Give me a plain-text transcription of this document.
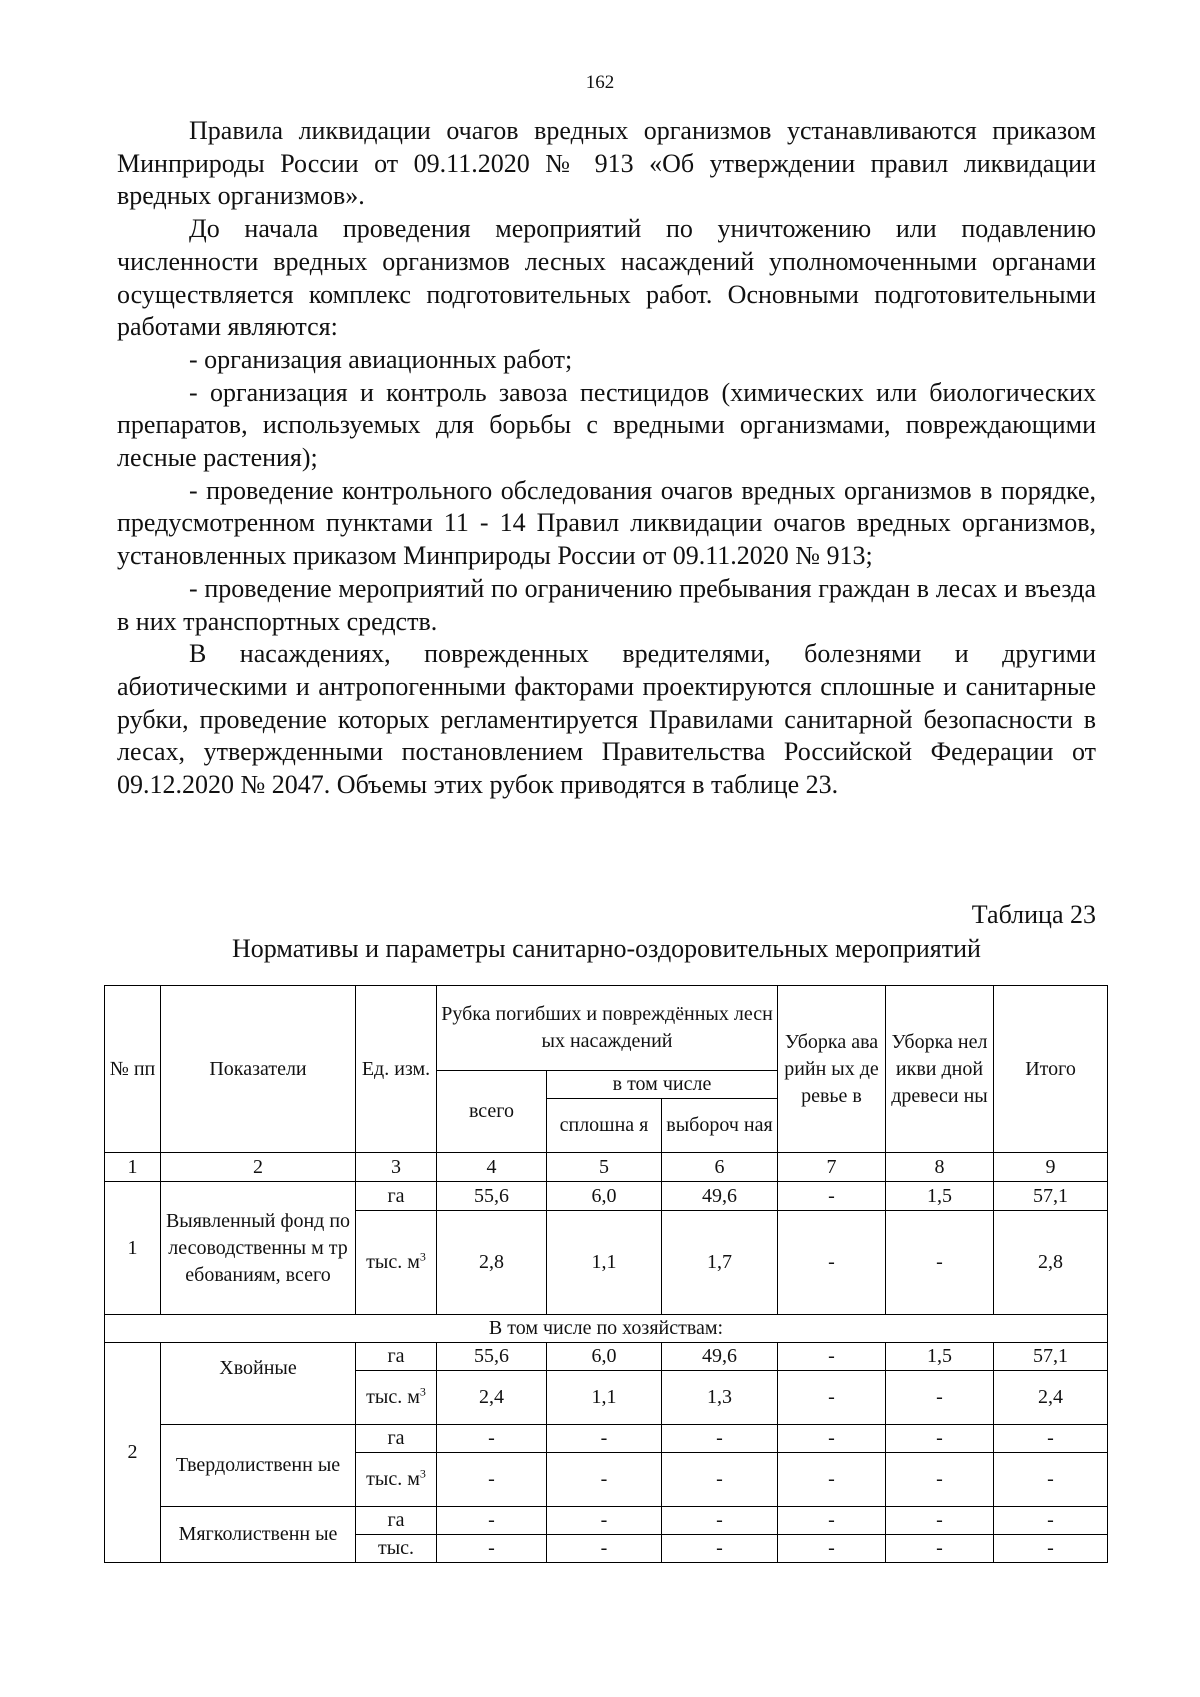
162

Правила ликвидации очагов вредных организмов устанавливаются приказом Минприроды России от 09.11.2020 № 913 «Об утверждении правил ликвидации вредных организмов».

До начала проведения мероприятий по уничтожению или подавлению численности вредных организмов лесных насаждений уполномоченными органами осуществляется комплекс подготовительных работ. Основными подготовительными работами являются:

- организация авиационных работ;

- организация и контроль завоза пестицидов (химических или биологических препаратов, используемых для борьбы с вредными организмами, повреждающими лесные растения);

- проведение контрольного обследования очагов вредных организмов в порядке, предусмотренном пунктами 11 - 14 Правил ликвидации очагов вредных организмов, установленных приказом Минприроды России от 09.11.2020 № 913;

- проведение мероприятий по ограничению пребывания граждан в лесах и въезда в них транспортных средств.

В насаждениях, поврежденных вредителями, болезнями и другими абиотическими и антропогенными факторами проектируются сплошные и санитарные рубки, проведение которых регламентируется Правилами санитарной безопасности в лесах, утвержденными постановлением Правительства Российской Федерации от 09.12.2020 № 2047. Объемы этих рубок приводятся в таблице 23.

Таблица 23
Нормативы и параметры санитарно-оздоровительных мероприятий
№ пп	Показатели	Ед. изм.	Рубка погибших и повреждённых лесных насаждений			Уборка аварийн ых деревье в	Уборка неликви дной древеси ны	Итого
			всего	в том числе				
				сплошна я	выбороч ная			
1	2	3	4	5	6	7	8	9
1	Выявленный фонд по лесоводственны м требованиям, всего	га	55,6	6,0	49,6	-	1,5	57,1
		тыс. $м^3$	2,8	1,1	1,7	-	-	2,8
В том числе по хозяйствам:								
2	Хвойные	га	55,6	6,0	49,6	-	1,5	57,1
		тыс. $м^3$	2,4	1,1	1,3	-	-	2,4
	Твердолиственн ые	га	-	-	-	-	-	-
		тыс. $м^3$	-	-	-	-	-	-
	Мягколиственн ые	га	-	-	-	-	-	-
		тыс.	-	-	-	-	-	-
